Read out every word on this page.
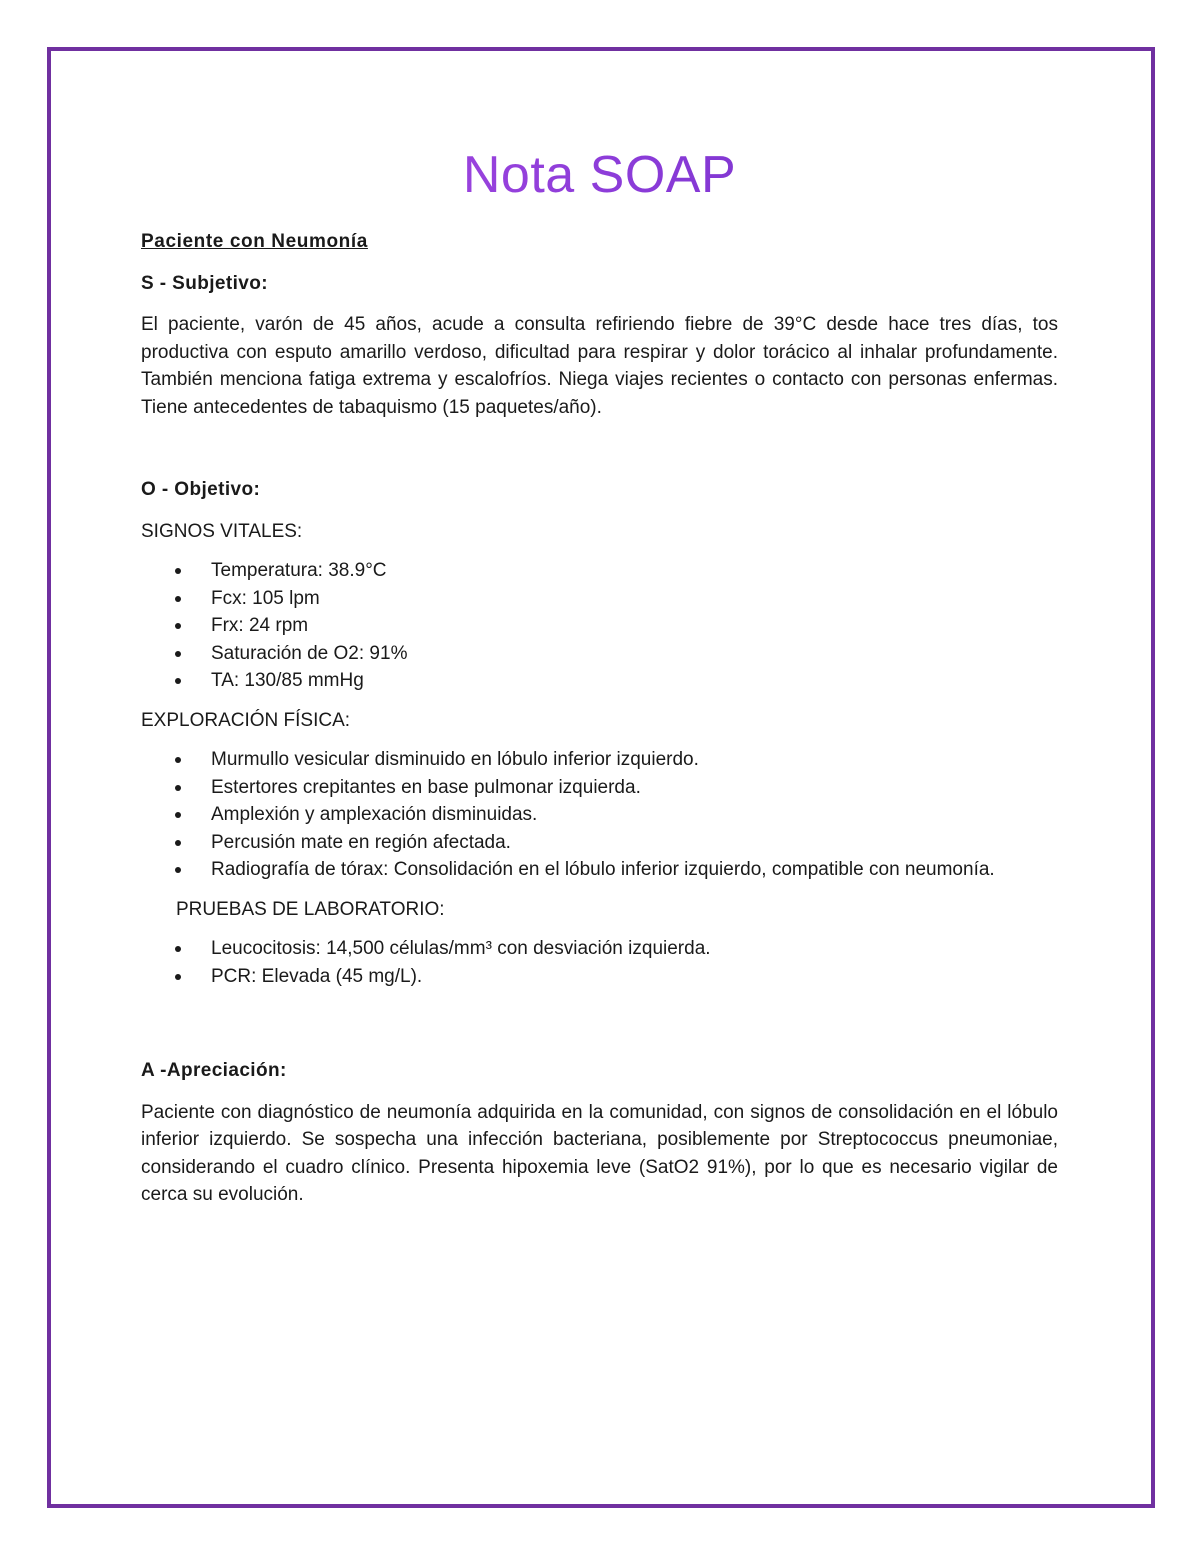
Nota SOAP
Paciente con Neumonía
S - Subjetivo:

El paciente, varón de 45 años, acude a consulta refiriendo fiebre de 39°C desde hace tres días, tos productiva con esputo amarillo verdoso, dificultad para respirar y dolor torácico al inhalar profundamente. También menciona fatiga extrema y escalofríos. Niega viajes recientes o contacto con personas enfermas. Tiene antecedentes de tabaquismo (15 paquetes/año).

O - Objetivo:
SIGNOS VITALES:
Temperatura: 38.9°C
Fcx: 105 lpm
Frx: 24 rpm
Saturación de O2: 91%
TA: 130/85 mmHg
EXPLORACIÓN FÍSICA:
Murmullo vesicular disminuido en lóbulo inferior izquierdo.
Estertores crepitantes en base pulmonar izquierda.
Amplexión y amplexación disminuidas.
Percusión mate en región afectada.
Radiografía de tórax: Consolidación en el lóbulo inferior izquierdo, compatible con neumonía.
PRUEBAS DE LABORATORIO:
Leucocitosis: 14,500 células/mm³ con desviación izquierda.
PCR: Elevada (45 mg/L).
A -Apreciación:

Paciente con diagnóstico de neumonía adquirida en la comunidad, con signos de consolidación en el lóbulo inferior izquierdo. Se sospecha una infección bacteriana, posiblemente por Streptococcus pneumoniae, considerando el cuadro clínico. Presenta hipoxemia leve (SatO2 91%), por lo que es necesario vigilar de cerca su evolución.
